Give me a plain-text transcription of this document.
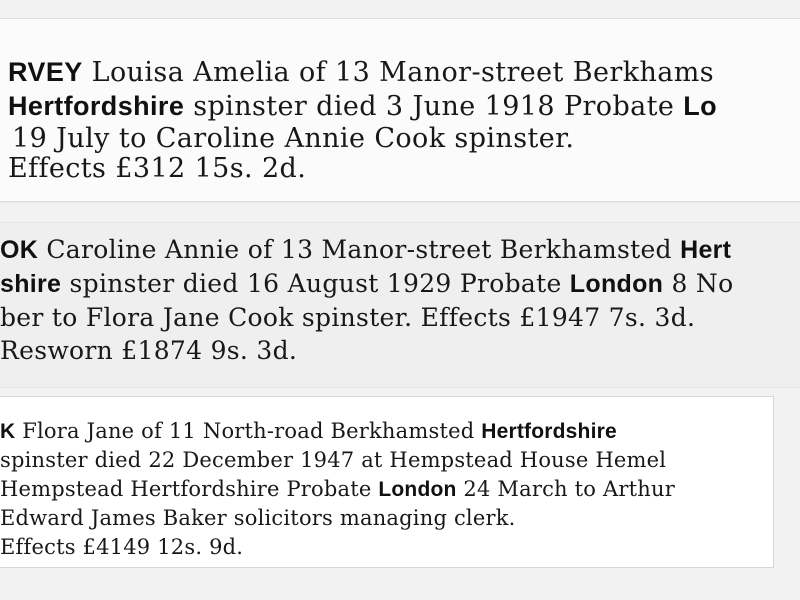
RVEY Louisa Amelia of 13 Manor-street Berkhams
Hertfordshire spinster died 3 June 1918 Probate Lo
19 July to Caroline Annie Cook spinster.
Effects £312 15s. 2d.
OK Caroline Annie of 13 Manor-street Berkhamsted Hert
shire spinster died 16 August 1929 Probate London 8 No
ber to Flora Jane Cook spinster. Effects £1947 7s. 3d.
Resworn £1874 9s. 3d.
K Flora Jane of 11 North-road Berkhamsted Hertfordshire
spinster died 22 December 1947 at Hempstead House Hemel
Hempstead Hertfordshire Probate London 24 March to Arthur
Edward James Baker solicitors managing clerk.
Effects £4149 12s. 9d.
